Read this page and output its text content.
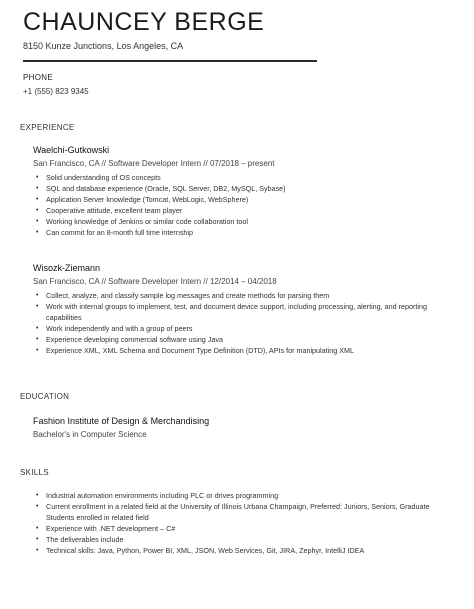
CHAUNCEY BERGE
8150 Kunze Junctions, Los Angeles, CA
PHONE
+1 (555) 823 9345
EXPERIENCE

Waelchi-Gutkowski

San Francisco, CA // Software Developer Intern // 07/2018 – present

• Solid understanding of OS concepts
• SQL and database experience (Oracle, SQL Server, DB2, MySQL, Sybase)
• Application Server knowledge (Tomcat, WebLogic, WebSphere)
• Cooperative attitude, excellent team player
• Working knowledge of Jenkins or similar code collaboration tool
• Can commit for an 8-month full time internship

Wisozk-Ziemann

San Francisco, CA // Software Developer Intern // 12/2014 – 04/2018

• Collect, analyze, and classify sample log messages and create methods for parsing them
• Work with internal groups to implement, test, and document device support, including processing, alerting, and reporting capabilities
• Work independently and with a group of peers
• Experience developing commercial software using Java
• Experience XML, XML Schema and Document Type Definition (DTD), APIs for manipulating XML
EDUCATION

Fashion Institute of Design & Merchandising

Bachelor's in Computer Science

SKILLS
• Industrial automation environments including PLC or drives programming
• Current enrollment in a related field at the University of Illinois Urbana Champaign, Preferred: Juniors, Seniors, Graduate Students enrolled in related field
• Experience with .NET development – C#
• The deliverables include
• Technical skills: Java, Python, Power BI, XML, JSON, Web Services, Git, JIRA, Zephyr, IntelliJ IDEA
